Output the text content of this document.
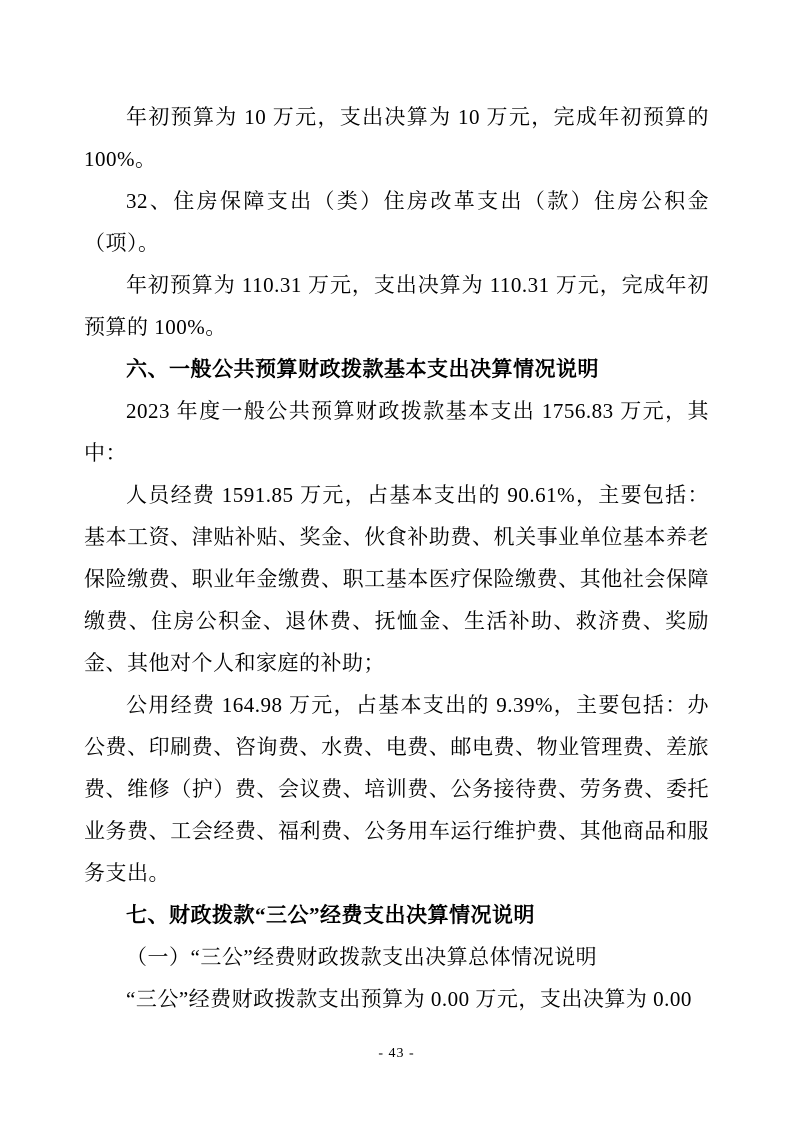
年初预算为 10 万元，支出决算为 10 万元，完成年初预算的 100%。

32、住房保障支出（类）住房改革支出（款）住房公积金（项）。

年初预算为 110.31 万元，支出决算为 110.31 万元，完成年初预算的 100%。

六、一般公共预算财政拨款基本支出决算情况说明

2023 年度一般公共预算财政拨款基本支出 1756.83 万元，其中：

人员经费 1591.85 万元，占基本支出的 90.61%，主要包括：基本工资、津贴补贴、奖金、伙食补助费、机关事业单位基本养老保险缴费、职业年金缴费、职工基本医疗保险缴费、其他社会保障缴费、住房公积金、退休费、抚恤金、生活补助、救济费、奖励金、其他对个人和家庭的补助；

公用经费 164.98 万元，占基本支出的 9.39%，主要包括：办公费、印刷费、咨询费、水费、电费、邮电费、物业管理费、差旅费、维修（护）费、会议费、培训费、公务接待费、劳务费、委托业务费、工会经费、福利费、公务用车运行维护费、其他商品和服务支出。

七、财政拨款“三公”经费支出决算情况说明

（一）“三公”经费财政拨款支出决算总体情况说明

“三公”经费财政拨款支出预算为 0.00 万元，支出决算为 0.00

- 43 -
